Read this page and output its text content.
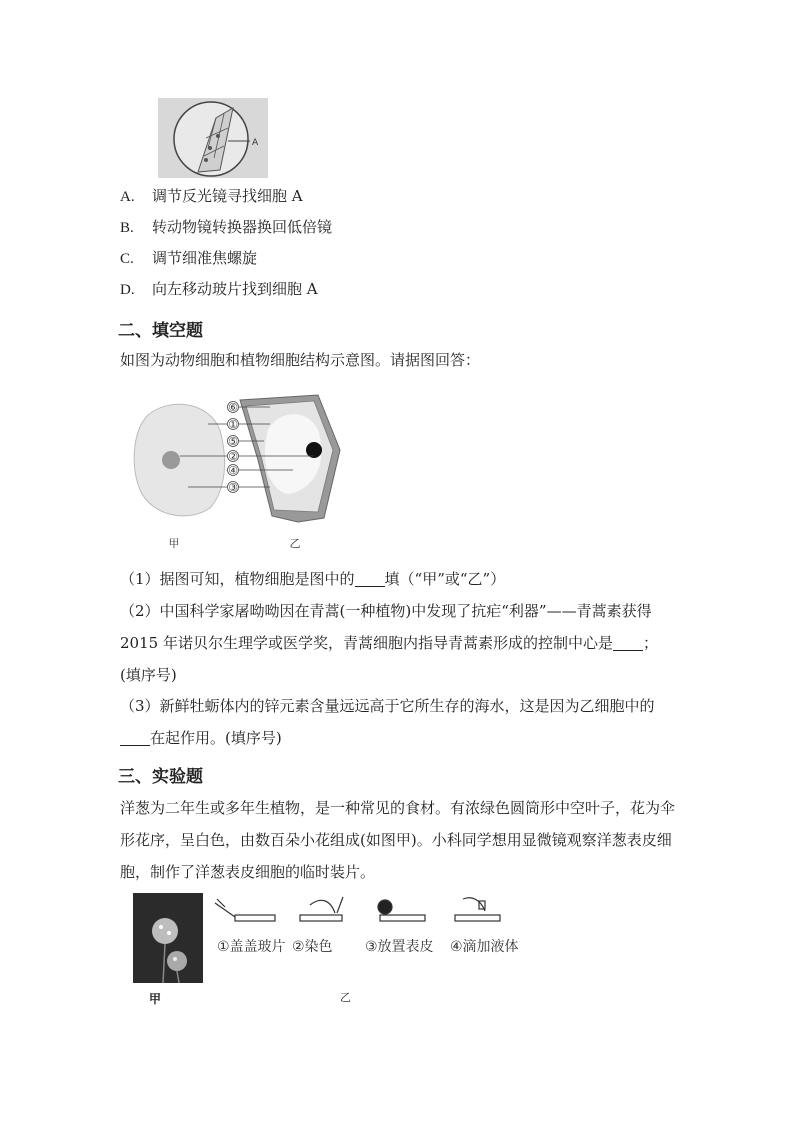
A
A. 调节反光镜寻找细胞 A
B. 转动物镜转换器换回低倍镜
C. 调节细准焦螺旋
D. 向左移动玻片找到细胞 A
二、填空题
如图为动物细胞和植物细胞结构示意图。请据图回答：
⑥
①
⑤
②
④
③
甲	乙
（1）据图可知，植物细胞是图中的 填（“甲”或“乙”）
（2）中国科学家屠呦呦因在青蒿(一种植物)中发现了抗疟“利器”——青蒿素获得 2015 年诺贝尔生理学或医学奖，青蒿细胞内指导青蒿素形成的控制中心是 ；(填序号)
（3）新鲜牡蛎体内的锌元素含量远远高于它所生存的海水，这是因为乙细胞中的在起作用。(填序号)
三、实验题
洋葱为二年生或多年生植物，是一种常见的食材。有浓绿色圆筒形中空叶子，花为伞形花序，呈白色，由数百朵小花组成(如图甲)。小科同学想用显微镜观察洋葱表皮细胞，制作了洋葱表皮细胞的临时装片。
甲
①盖盖玻片 ②染色 ③放置表皮 ④滴加液体
乙
